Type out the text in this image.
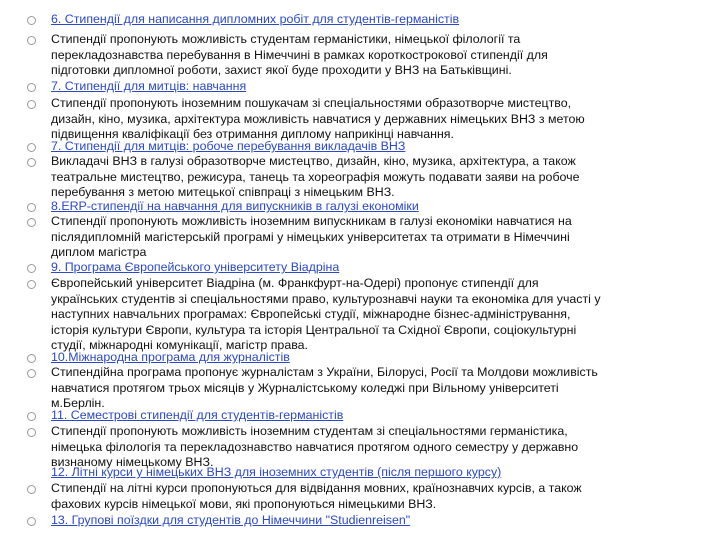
6. Стипендії для написання дипломних робіт для студентів-германістів
Стипендії пропонують можливість студентам германістики, німецької філології та
перекладознавства перебування в Німеччині в рамках короткострокової стипендії для
підготовки дипломної роботи, захист якої буде проходити у ВНЗ на Батьківщині.
7. Стипендії для митців: навчання
Стипендії пропонують іноземним пошукачам зі спеціальностями образотворче мистецтво,
дизайн, кіно, музика, архітектура можливість навчатися у державних німецьких ВНЗ з метою
підвищення кваліфікації без отримання диплому наприкінці навчання.
7. Стипендії для митців: робоче перебування викладачів ВНЗ
Викладачі ВНЗ в галузі образотворче мистецтво, дизайн, кіно, музика, архітектура, а також
театральне мистецтво, режисура, танець та хореографія можуть подавати заяви на робоче
перебування з метою митецької співпраці з німецьким ВНЗ.
8.ERP-стипендії на навчання для випускників в галузі економіки
Стипендії пропонують можливість іноземним випускникам в галузі економіки навчатися на
післядипломній магістерській програмі у німецьких університетах та отримати в Німеччині
диплом магістра
9. Програма Європейського університету Віадріна
Європейський університет Віадріна (м. Франкфурт-на-Одері) пропонує стипендії для
українських студентів зі спеціальностями право, культурознавчі науки та економіка для участі у
наступних навчальних програмах: Європейські студії, міжнародне бізнес-адміністрування,
історія культури Європи, культура та історія Центральної та Східної Європи, соціокультурні
студії, міжнародні комунікації, магістр права.
10.Міжнародна програма для журналістів
Стипендійна програма пропонує журналістам з України, Білорусі, Росії та Молдови можливість
навчатися протягом трьох місяців у Журналістському коледжі при Вільному університеті
м.Берлін.
11. Семестрові стипендії для студентів-германістів
Стипендії пропонують можливість іноземним студентам зі спеціальностями германістика,
німецька філологія та перекладознавство навчатися протягом одного семестру у державно
визнаному німецькому ВНЗ.
12. Літні курси у німецьких ВНЗ для іноземних студентів (після першого курсу)
Стипендії на літні курси пропонуються для відвідання мовних, країнознавчих курсів, а також
фахових курсів німецької мови, які пропонуються німецькими ВНЗ.
13. Групові поїздки для студентів до Німеччини "Studienreisen"
